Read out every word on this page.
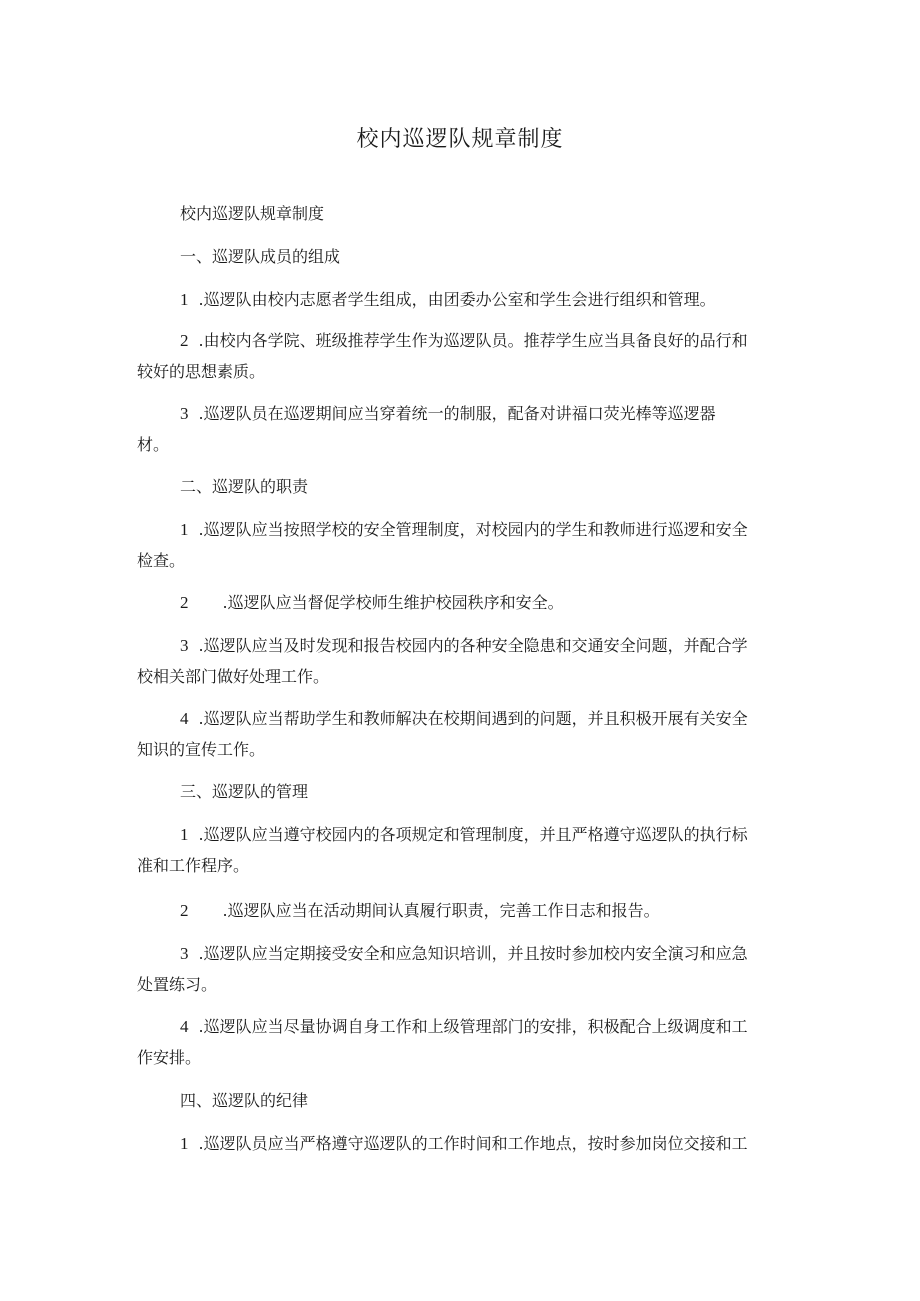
校内巡逻队规章制度
校内巡逻队规章制度
一、巡逻队成员的组成
1 .巡逻队由校内志愿者学生组成，由团委办公室和学生会进行组织和管理。
2 .由校内各学院、班级推荐学生作为巡逻队员。推荐学生应当具备良好的品行和
较好的思想素质。
3 .巡逻队员在巡逻期间应当穿着统一的制服，配备对讲福口荧光棒等巡逻器
材。
二、巡逻队的职责
1 .巡逻队应当按照学校的安全管理制度，对校园内的学生和教师进行巡逻和安全
检查。
2 .巡逻队应当督促学校师生维护校园秩序和安全。
3 .巡逻队应当及时发现和报告校园内的各种安全隐患和交通安全问题，并配合学
校相关部门做好处理工作。
4 .巡逻队应当帮助学生和教师解决在校期间遇到的问题，并且积极开展有关安全
知识的宣传工作。
三、巡逻队的管理
1 .巡逻队应当遵守校园内的各项规定和管理制度，并且严格遵守巡逻队的执行标
准和工作程序。
2 .巡逻队应当在活动期间认真履行职责，完善工作日志和报告。
3 .巡逻队应当定期接受安全和应急知识培训，并且按时参加校内安全演习和应急
处置练习。
4 .巡逻队应当尽量协调自身工作和上级管理部门的安排，积极配合上级调度和工
作安排。
四、巡逻队的纪律
1 .巡逻队员应当严格遵守巡逻队的工作时间和工作地点，按时参加岗位交接和工
